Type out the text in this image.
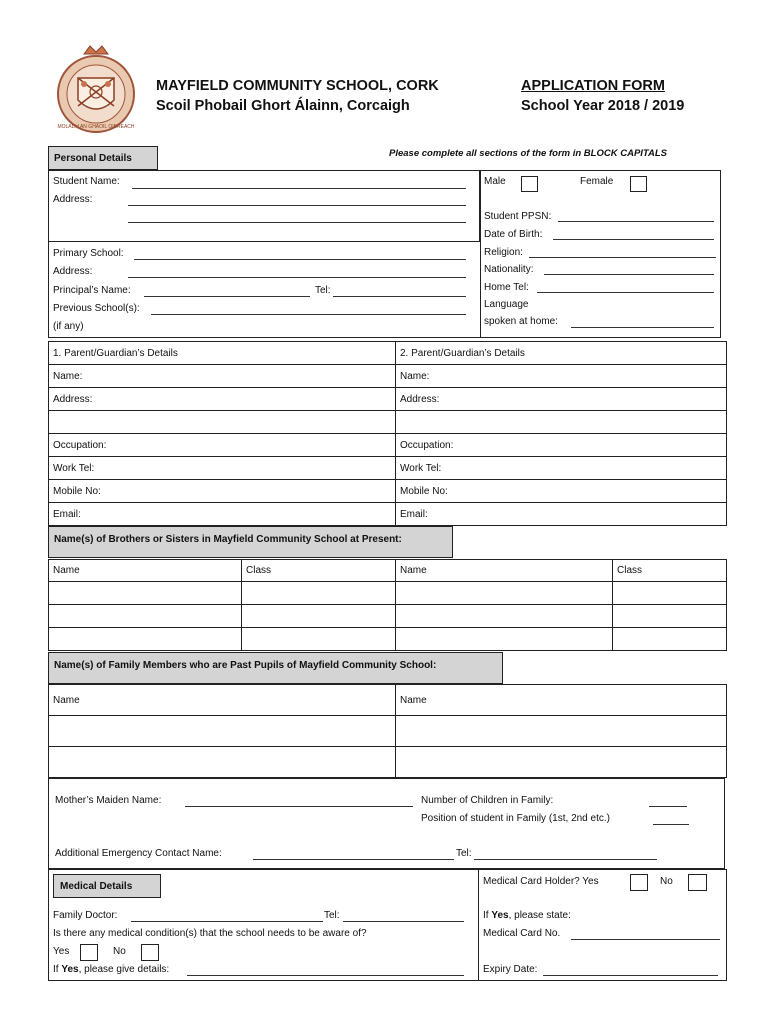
MOLADH AN GHAOIL OIBREACH
MAYFIELD COMMUNITY SCHOOL, CORK
Scoil Phobail Ghort Álainn, Corcaigh
APPLICATION FORM
School Year 2018 / 2019
Personal Details	Please complete all sections of the form in BLOCK CAPITALS
Student Name:
Address:
Male	Female
Student PPSN:
Date of Birth:
Primary School:
Address:
Principal’s Name:	Tel:
Previous School(s):
(if any)
Religion:
Nationality:
Home Tel:
Language
spoken at home:
1. Parent/Guardian’s Details	2. Parent/Guardian’s Details
Name:	Name:
Address:	Address:

Occupation:	Occupation:
Work Tel:	Work Tel:
Mobile No:	Mobile No:
Email:	Email:
Name(s) of Brothers or Sisters in Mayfield Community School at Present:
Name	Class	Name	Class

Name(s) of Family Members who are Past Pupils of Mayfield Community School:
Name	Name

Mother’s Maiden Name:	Number of Children in Family:
Position of student in Family (1st, 2nd etc.)
Additional Emergency Contact Name:	Tel:
Medical Details	Medical Card Holder? Yes	No
Family Doctor:	Tel:
Is there any medical condition(s) that the school needs to be aware of?
Yes	No
If Yes, please give details:
If Yes, please state:
Medical Card No.
Expiry Date:
